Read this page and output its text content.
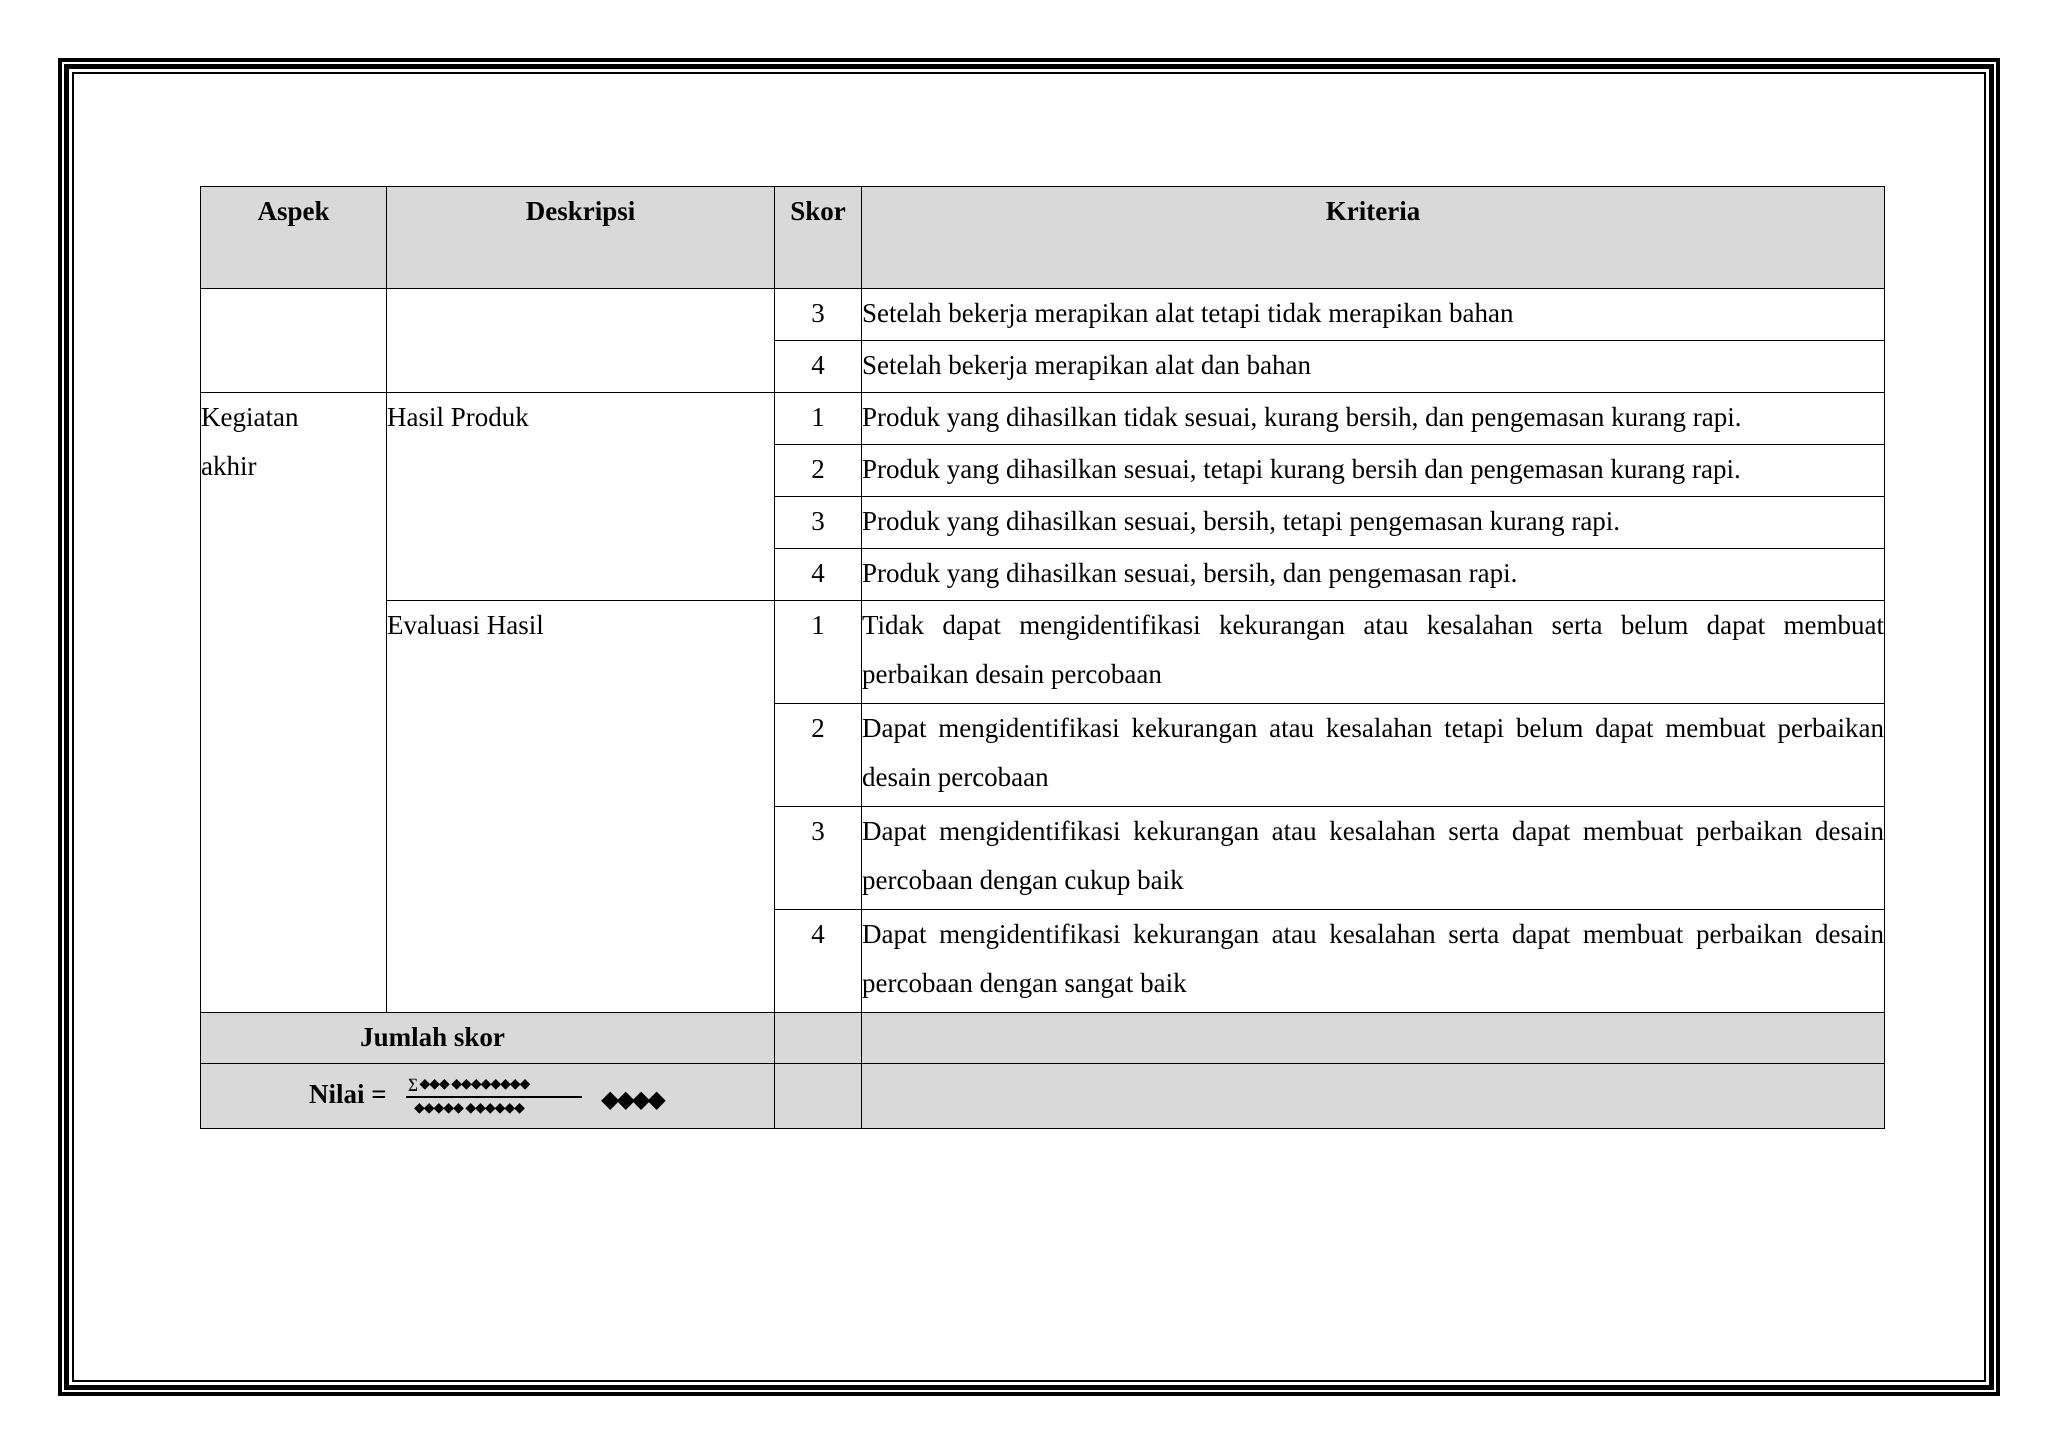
Aspek	Deskripsi	Skor	Kriteria
		3	Setelah bekerja merapikan alat tetapi tidak merapikan bahan
		4	Setelah bekerja merapikan alat dan bahan

Kegiatan
akhir	Hasil Produk	1	Produk yang dihasilkan tidak sesuai, kurang bersih, dan pengemasan kurang rapi.
		2	Produk yang dihasilkan sesuai, tetapi kurang bersih dan pengemasan kurang rapi.
		3	Produk yang dihasilkan sesuai, bersih, tetapi pengemasan kurang rapi.
		4	Produk yang dihasilkan sesuai, bersih, dan pengemasan rapi.
	Evaluasi Hasil	1	Tidak dapat mengidentifikasi kekurangan atau kesalahan serta belum dapat membuat perbaikan desain percobaan
		2	Dapat mengidentifikasi kekurangan atau kesalahan tetapi belum dapat membuat perbaikan desain percobaan
		3	Dapat mengidentifikasi kekurangan atau kesalahan serta dapat membuat perbaikan desain percobaan dengan cukup baik
		4	Dapat mengidentifikasi kekurangan atau kesalahan serta dapat membuat perbaikan desain percobaan dengan sangat baik
Jumlah skor			

Nilai = ∑ ◆◆◆ ◆◆◆◆◆◆◆◆
◆◆◆◆◆ ◆◆◆◆◆◆ ◆◆◆◆			
